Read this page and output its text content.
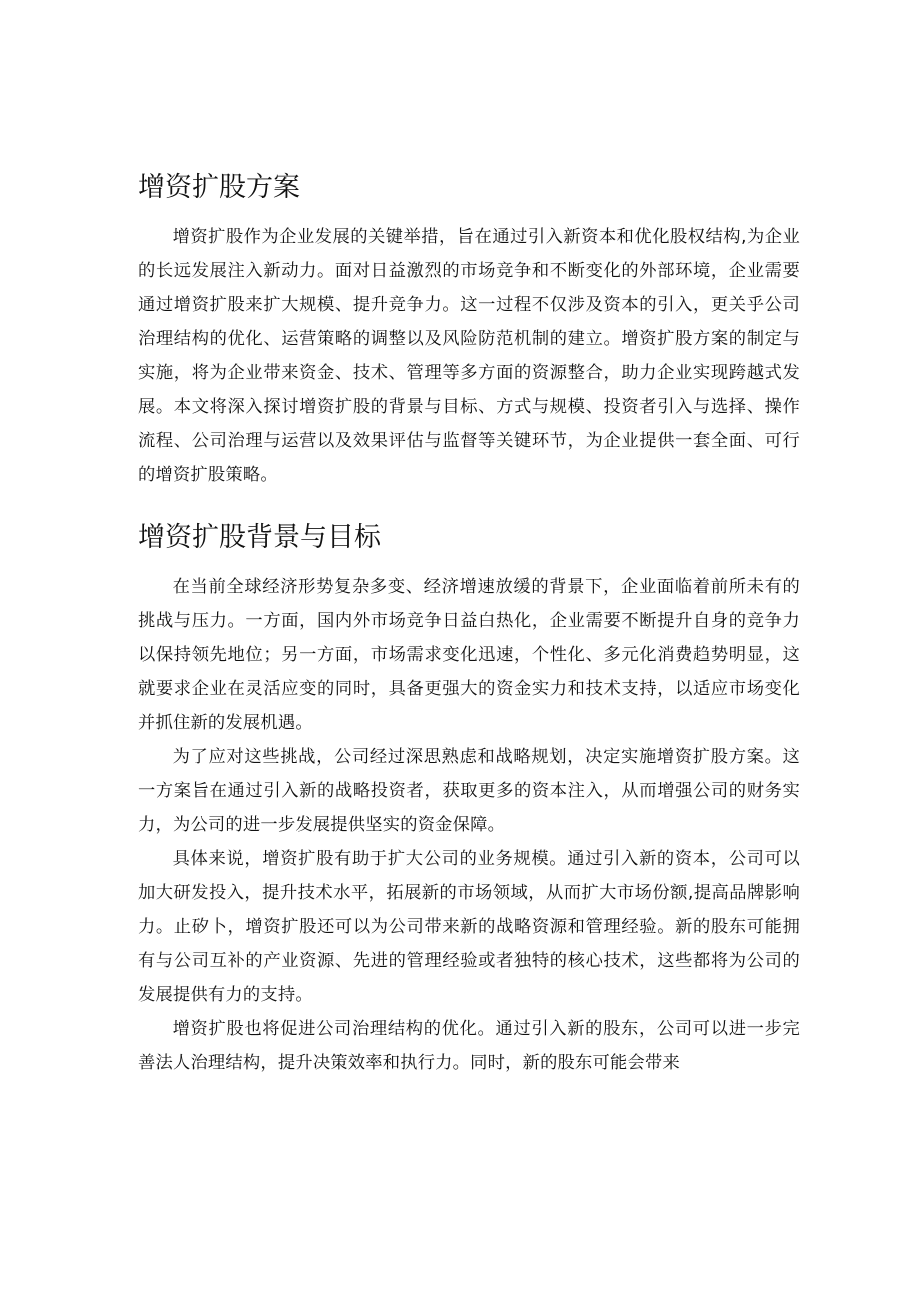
增资扩股方案

增资扩股作为企业发展的关键举措，旨在通过引入新资本和优化股权结构,为企业的长远发展注入新动力。面对日益激烈的市场竞争和不断变化的外部环境，企业需要通过增资扩股来扩大规模、提升竞争力。这一过程不仅涉及资本的引入，更关乎公司治理结构的优化、运营策略的调整以及风险防范机制的建立。增资扩股方案的制定与实施，将为企业带来资金、技术、管理等多方面的资源整合，助力企业实现跨越式发展。本文将深入探讨增资扩股的背景与目标、方式与规模、投资者引入与选择、操作流程、公司治理与运营以及效果评估与监督等关键环节，为企业提供一套全面、可行的增资扩股策略。

增资扩股背景与目标

在当前全球经济形势复杂多变、经济增速放缓的背景下，企业面临着前所未有的挑战与压力。一方面，国内外市场竞争日益白热化，企业需要不断提升自身的竞争力以保持领先地位；另一方面，市场需求变化迅速，个性化、多元化消费趋势明显，这就要求企业在灵活应变的同时，具备更强大的资金实力和技术支持，以适应市场变化并抓住新的发展机遇。

为了应对这些挑战，公司经过深思熟虑和战略规划，决定实施增资扩股方案。这一方案旨在通过引入新的战略投资者，获取更多的资本注入，从而增强公司的财务实力，为公司的进一步发展提供坚实的资金保障。

具体来说，增资扩股有助于扩大公司的业务规模。通过引入新的资本，公司可以加大研发投入，提升技术水平，拓展新的市场领域，从而扩大市场份额,提高品牌影响力。止矽卜，增资扩股还可以为公司带来新的战略资源和管理经验。新的股东可能拥有与公司互补的产业资源、先进的管理经验或者独特的核心技术，这些都将为公司的发展提供有力的支持。

增资扩股也将促进公司治理结构的优化。通过引入新的股东，公司可以进一步完善法人治理结构，提升决策效率和执行力。同时，新的股东可能会带来
